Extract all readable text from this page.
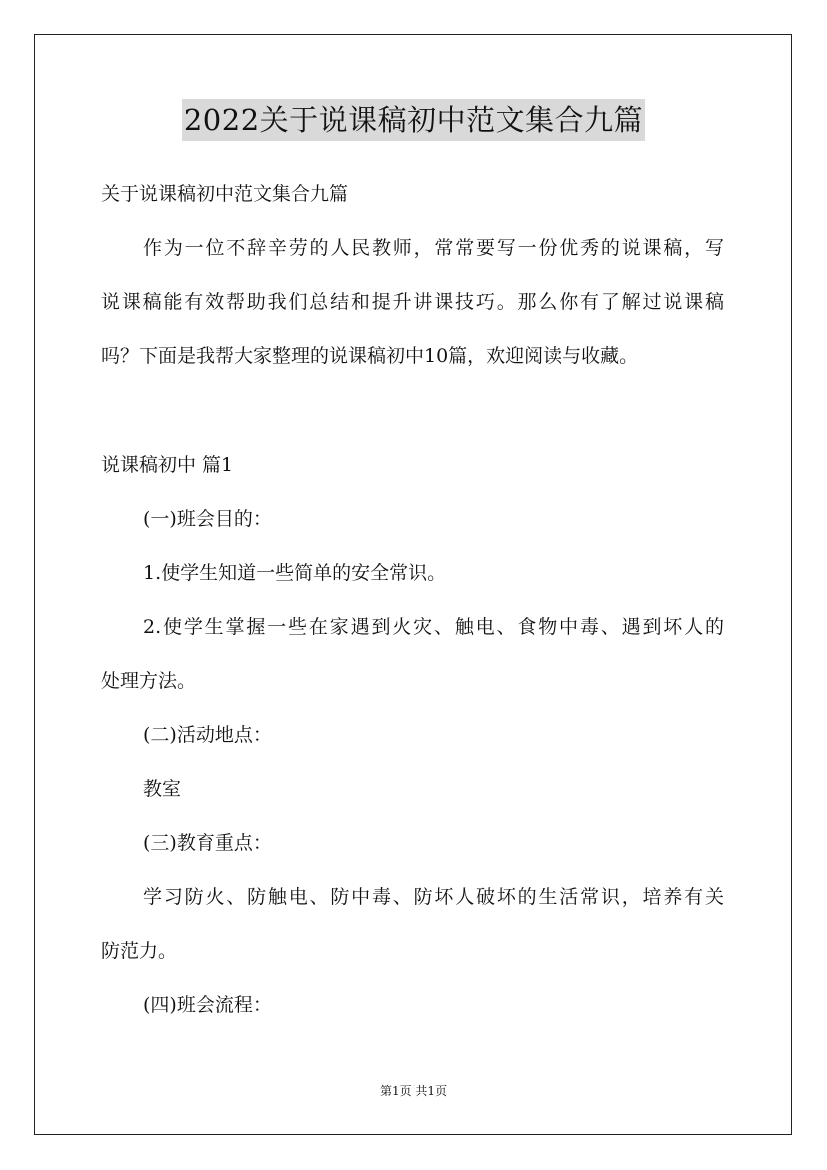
2022关于说课稿初中范文集合九篇
关于说课稿初中范文集合九篇
作为一位不辞辛劳的人民教师，常常要写一份优秀的说课稿，写
说课稿能有效帮助我们总结和提升讲课技巧。那么你有了解过说课稿
吗？下面是我帮大家整理的说课稿初中10篇，欢迎阅读与收藏。
说课稿初中 篇1
(一)班会目的：
1.使学生知道一些简单的安全常识。
2.使学生掌握一些在家遇到火灾、触电、食物中毒、遇到坏人的
处理方法。
(二)活动地点：
教室
(三)教育重点：
学习防火、防触电、防中毒、防坏人破坏的生活常识，培养有关
防范力。
(四)班会流程：
第1页 共1页
